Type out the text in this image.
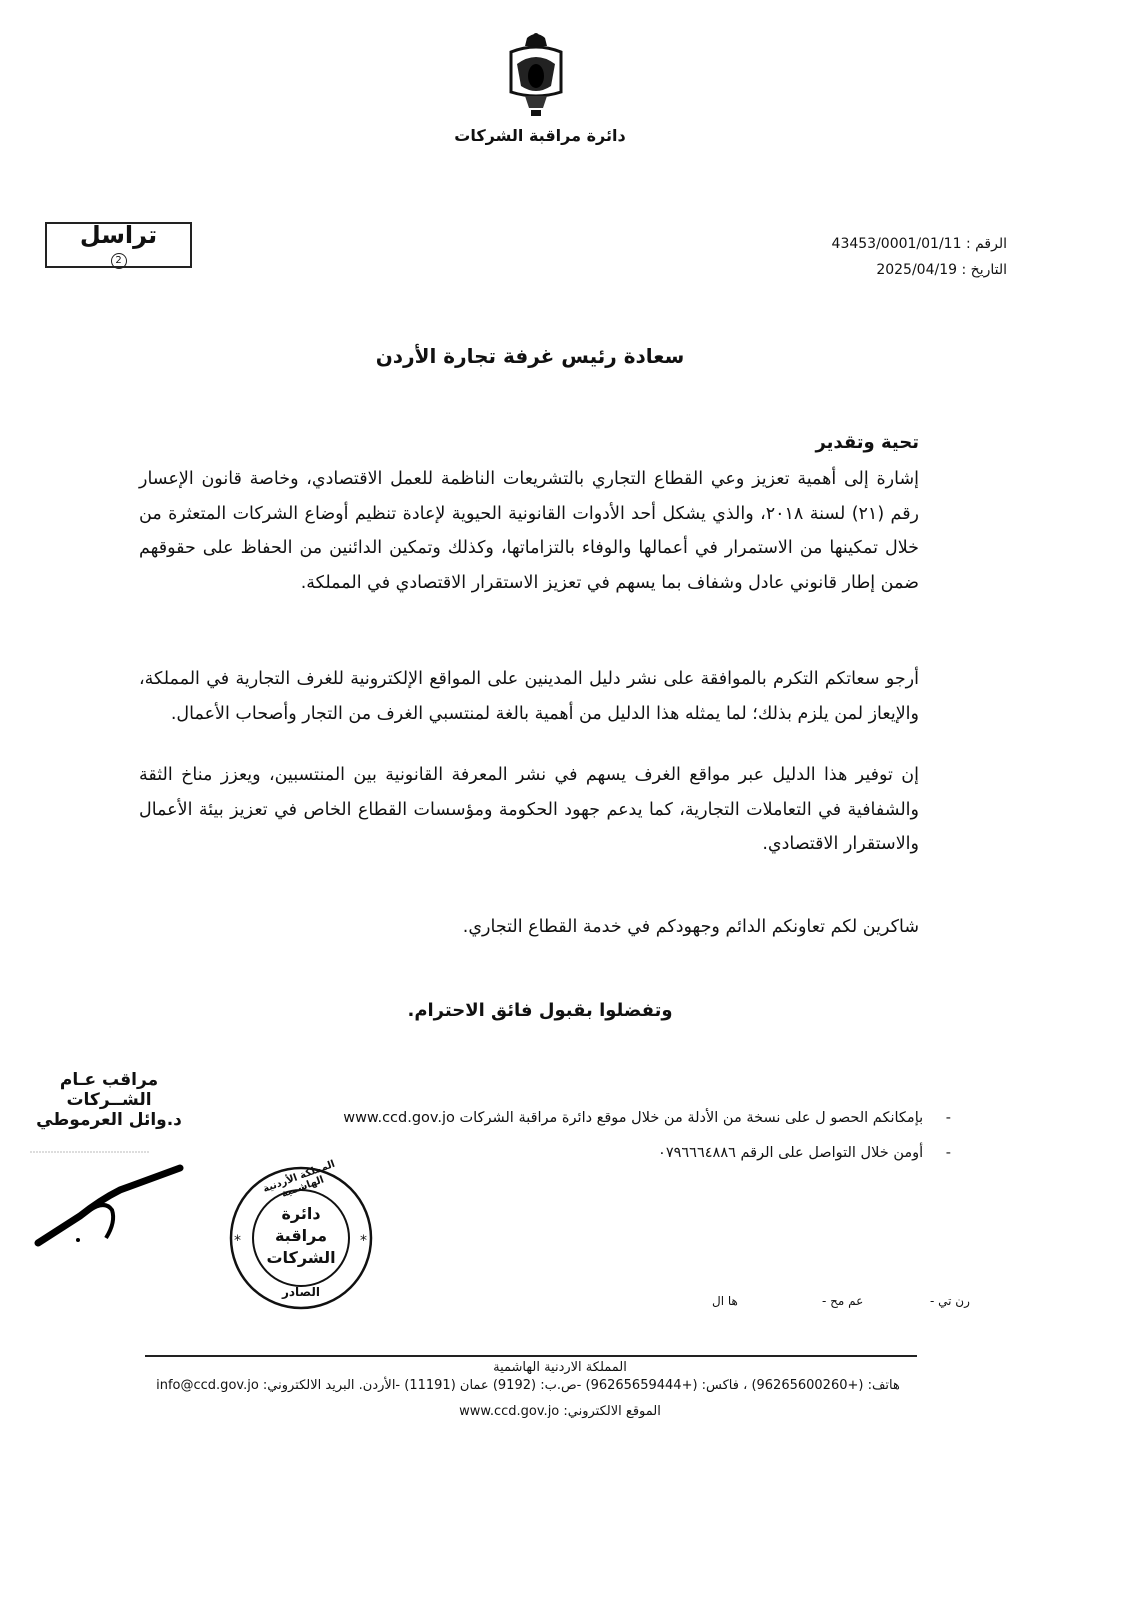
دائرة مراقبة الشركات
تراسل
2
الرقم : 43453/0001/01/11
التاريخ : 2025/04/19
سعادة رئيس غرفة تجارة الأردن
تحية وتقدير
إشارة إلى أهمية تعزيز وعي القطاع التجاري بالتشريعات الناظمة للعمل الاقتصادي، وخاصة قانون الإعسار رقم (٢١) لسنة ٢٠١٨، والذي يشكل أحد الأدوات القانونية الحيوية لإعادة تنظيم أوضاع الشركات المتعثرة من خلال تمكينها من الاستمرار في أعمالها والوفاء بالتزاماتها، وكذلك وتمكين الدائنين من الحفاظ على حقوقهم ضمن إطار قانوني عادل وشفاف بما يسهم في تعزيز الاستقرار الاقتصادي في المملكة.
أرجو سعاتكم التكرم بالموافقة على نشر دليل المدينين على المواقع الإلكترونية للغرف التجارية في المملكة، والإيعاز لمن يلزم بذلك؛ لما يمثله هذا الدليل من أهمية بالغة لمنتسبي الغرف من التجار وأصحاب الأعمال.
إن توفير هذا الدليل عبر مواقع الغرف يسهم في نشر المعرفة القانونية بين المنتسبين، ويعزز مناخ الثقة والشفافية في التعاملات التجارية، كما يدعم جهود الحكومة ومؤسسات القطاع الخاص في تعزيز بيئة الأعمال والاستقرار الاقتصادي.
شاكرين لكم تعاونكم الدائم وجهودكم في خدمة القطاع التجاري.
وتفضلوا بقبول فائق الاحترام.
مراقب عـام الشــركات
د.وائل العرموطي	- بإمكانكم الحصو ل على نسخة من الأدلة من خلال موقع دائرة مراقبة الشركات www.ccd.gov.jo
- أومن خلال التواصل على الرقم ٠٧٩٦٦٦٤٨٨٦
*	*
المملكة الأردنية الهاشمية
دائرة
مراقبة
الشركات
الصادر
رن تي -
عم مح -
ها ال
المملكة الاردنية الهاشمية
هاتف: (+96265600260) ، فاكس: (+96265659444) -ص.ب: (9192) عمان (11191) -الأردن. البريد الالكتروني: info@ccd.gov.jo
الموقع الالكتروني: www.ccd.gov.jo
